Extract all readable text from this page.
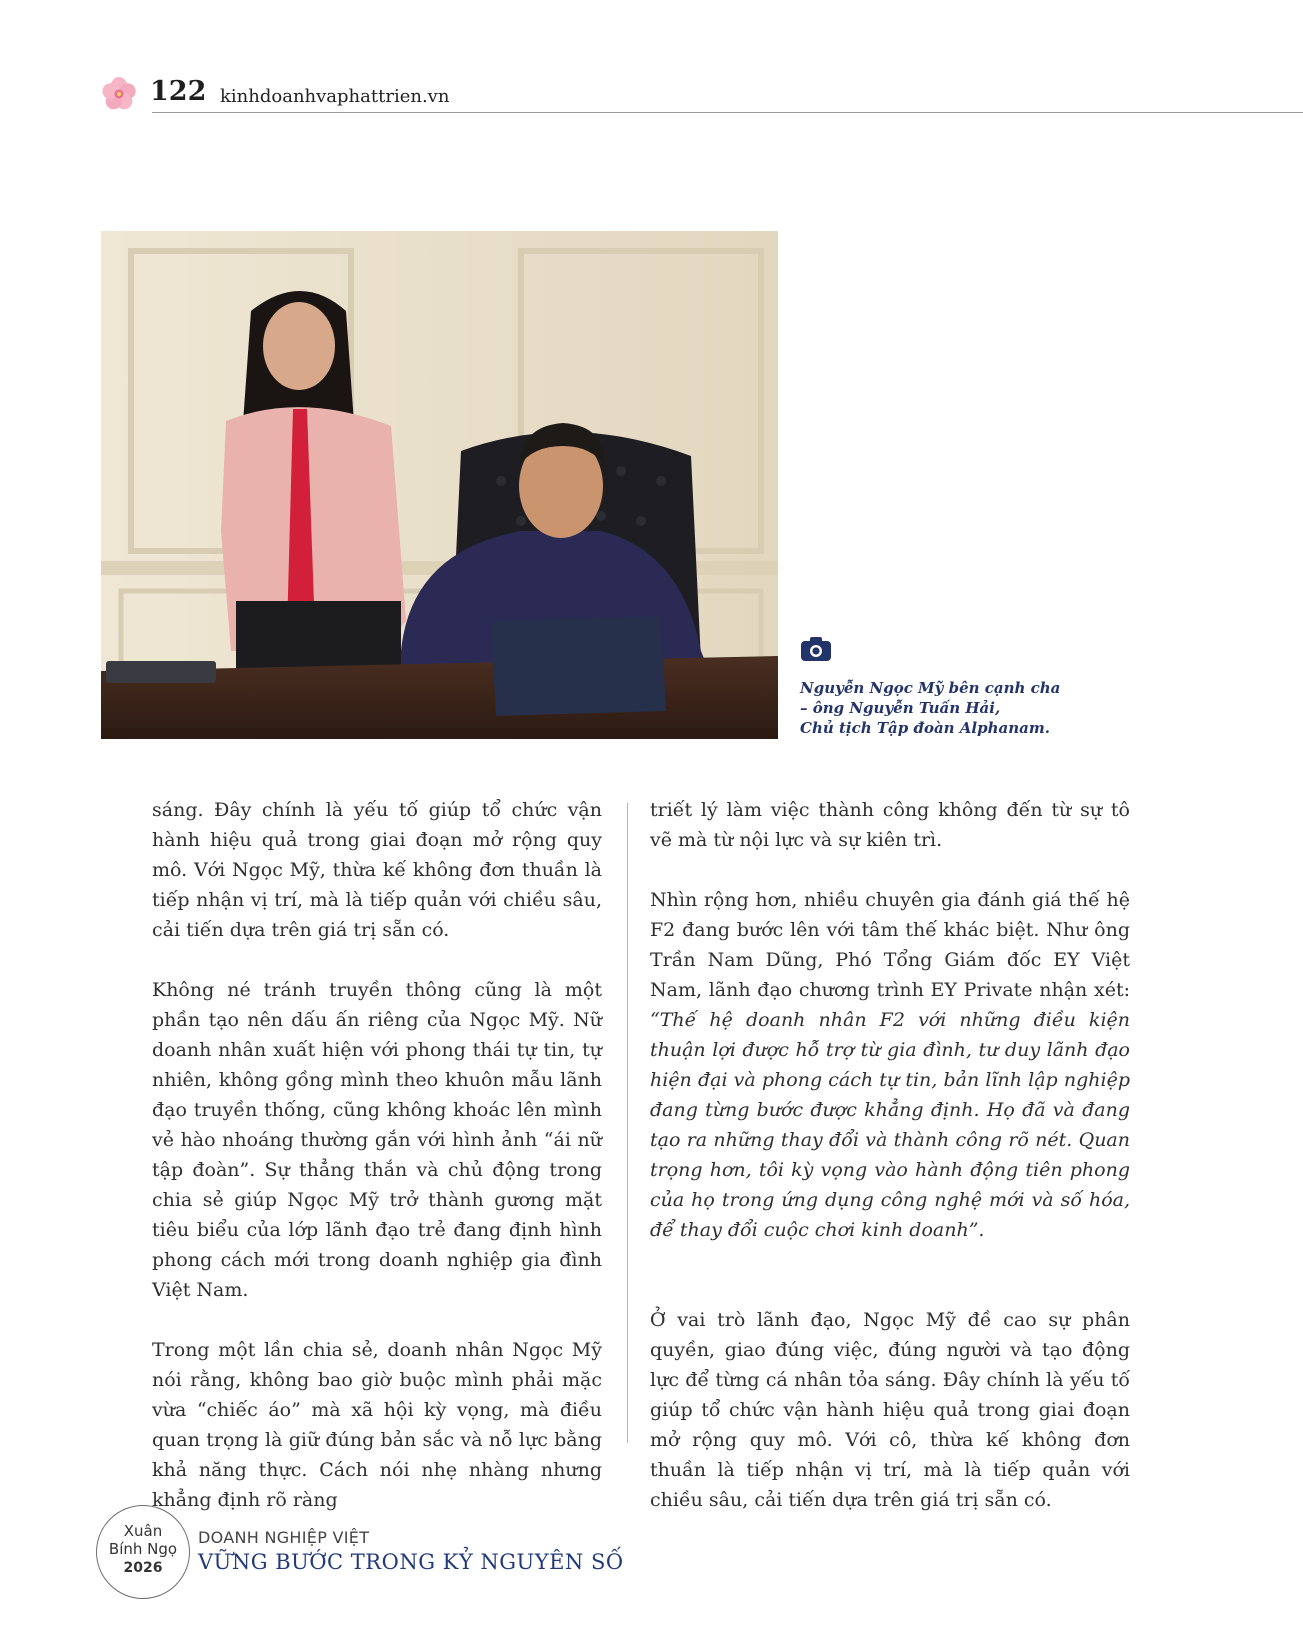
122 kinhdoanhvaphattrien.vn
Nguyễn Ngọc Mỹ bên cạnh cha
– ông Nguyễn Tuấn Hải,
Chủ tịch Tập đoàn Alphanam.

sáng. Đây chính là yếu tố giúp tổ chức vận hành hiệu quả trong giai đoạn mở rộng quy mô. Với Ngọc Mỹ, thừa kế không đơn thuần là tiếp nhận vị trí, mà là tiếp quản với chiều sâu, cải tiến dựa trên giá trị sẵn có.

Không né tránh truyền thông cũng là một phần tạo nên dấu ấn riêng của Ngọc Mỹ. Nữ doanh nhân xuất hiện với phong thái tự tin, tự nhiên, không gồng mình theo khuôn mẫu lãnh đạo truyền thống, cũng không khoác lên mình vẻ hào nhoáng thường gắn với hình ảnh “ái nữ tập đoàn”. Sự thẳng thắn và chủ động trong chia sẻ giúp Ngọc Mỹ trở thành gương mặt tiêu biểu của lớp lãnh đạo trẻ đang định hình phong cách mới trong doanh nghiệp gia đình Việt Nam.

Trong một lần chia sẻ, doanh nhân Ngọc Mỹ nói rằng, không bao giờ buộc mình phải mặc vừa “chiếc áo” mà xã hội kỳ vọng, mà điều quan trọng là giữ đúng bản sắc và nỗ lực bằng khả năng thực. Cách nói nhẹ nhàng nhưng khẳng định rõ ràng

triết lý làm việc thành công không đến từ sự tô vẽ mà từ nội lực và sự kiên trì.

Nhìn rộng hơn, nhiều chuyên gia đánh giá thế hệ F2 đang bước lên với tâm thế khác biệt. Như ông Trần Nam Dũng, Phó Tổng Giám đốc EY Việt Nam, lãnh đạo chương trình EY Private nhận xét: “Thế hệ doanh nhân F2 với những điều kiện thuận lợi được hỗ trợ từ gia đình, tư duy lãnh đạo hiện đại và phong cách tự tin, bản lĩnh lập nghiệp đang từng bước được khẳng định. Họ đã và đang tạo ra những thay đổi và thành công rõ nét. Quan trọng hơn, tôi kỳ vọng vào hành động tiên phong của họ trong ứng dụng công nghệ mới và số hóa, để thay đổi cuộc chơi kinh doanh”.

Ở vai trò lãnh đạo, Ngọc Mỹ đề cao sự phân quyền, giao đúng việc, đúng người và tạo động lực để từng cá nhân tỏa sáng. Đây chính là yếu tố giúp tổ chức vận hành hiệu quả trong giai đoạn mở rộng quy mô. Với cô, thừa kế không đơn thuần là tiếp nhận vị trí, mà là tiếp quản với chiều sâu, cải tiến dựa trên giá trị sẵn có.

Xuân
Bính Ngọ
2026
DOANH NGHIỆP VIỆT
VỮNG BƯỚC TRONG KỶ NGUYÊN SỐ
